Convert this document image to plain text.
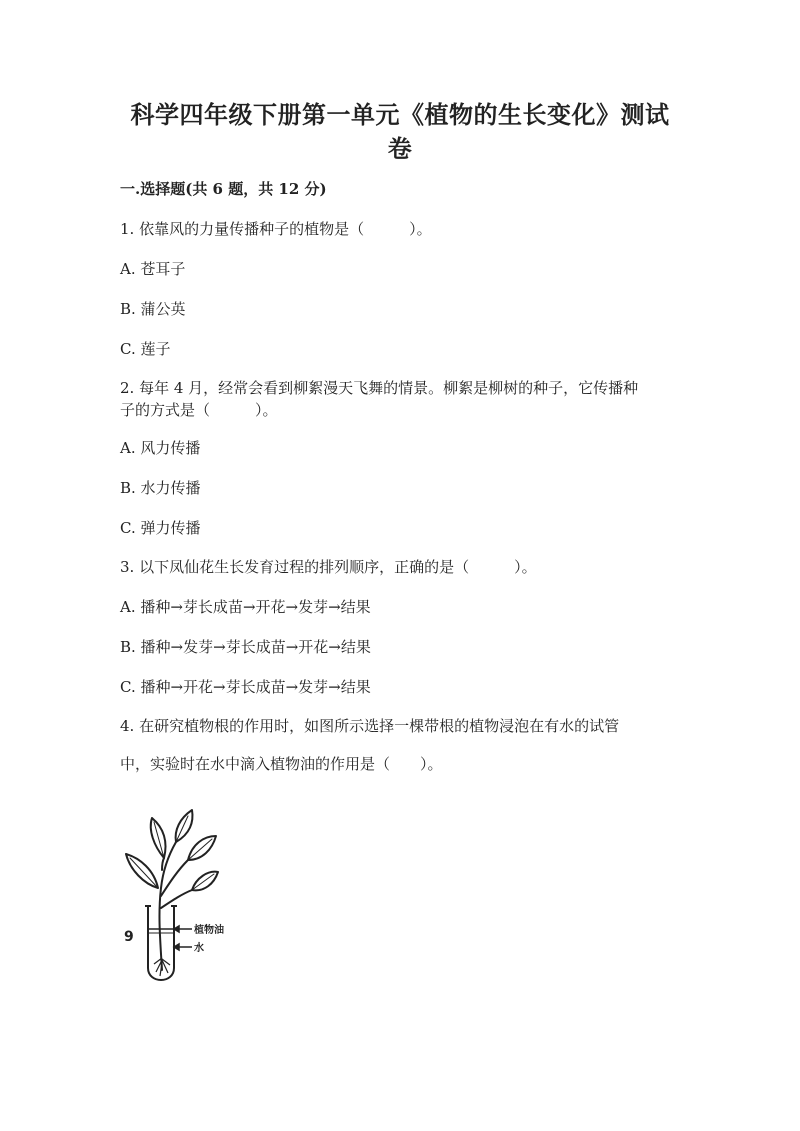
科学四年级下册第一单元《植物的生长变化》测试
卷
一.选择题(共 6 题，共 12 分)
1. 依靠风的力量传播种子的植物是（　　　）。
A. 苍耳子
B. 蒲公英
C. 莲子
2. 每年 4 月，经常会看到柳絮漫天飞舞的情景。柳絮是柳树的种子，它传播种
子的方式是（　　　）。
A. 风力传播
B. 水力传播
C. 弹力传播
3. 以下凤仙花生长发育过程的排列顺序，正确的是（　　　）。
A. 播种→芽长成苗→开花→发芽→结果
B. 播种→发芽→芽长成苗→开花→结果
C. 播种→开花→芽长成苗→发芽→结果
4. 在研究植物根的作用时，如图所示选择一棵带根的植物浸泡在有水的试管
中，实验时在水中滴入植物油的作用是（　　）。
植物油
水
9
